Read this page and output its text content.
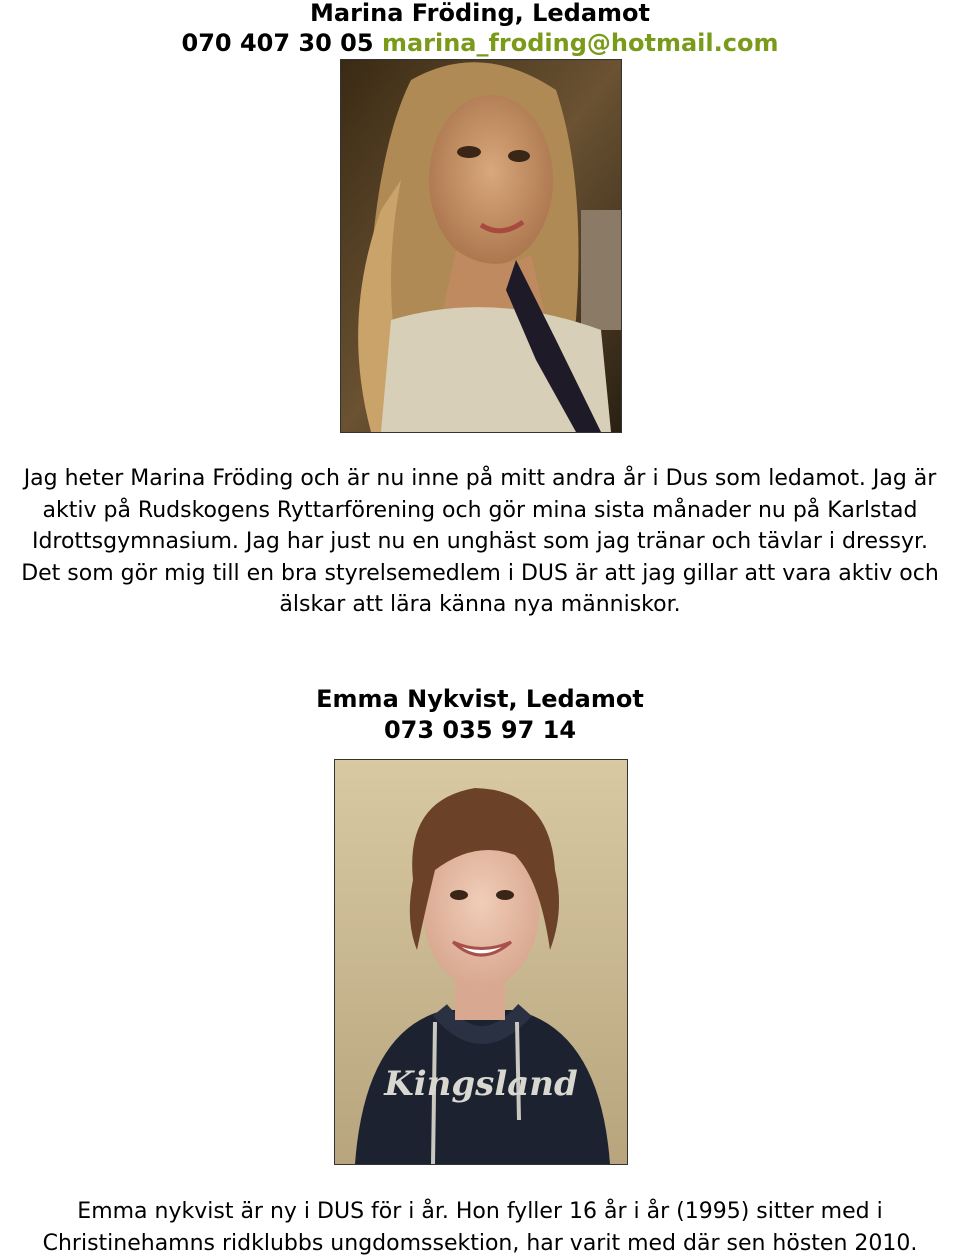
Marina Fröding, Ledamot
070 407 30 05 marina_froding@hotmail.com
Jag heter Marina Fröding och är nu inne på mitt andra år i Dus som ledamot. Jag är
aktiv på Rudskogens Ryttarförening och gör mina sista månader nu på Karlstad
Idrottsgymnasium. Jag har just nu en unghäst som jag tränar och tävlar i dressyr.
Det som gör mig till en bra styrelsemedlem i DUS är att jag gillar att vara aktiv och
älskar att lära känna nya människor.
Emma Nykvist, Ledamot
073 035 97 14
Kingsland
Emma nykvist är ny i DUS för i år. Hon fyller 16 år i år (1995) sitter med i
Christinehamns ridklubbs ungdomssektion, har varit med där sen hösten 2010.
